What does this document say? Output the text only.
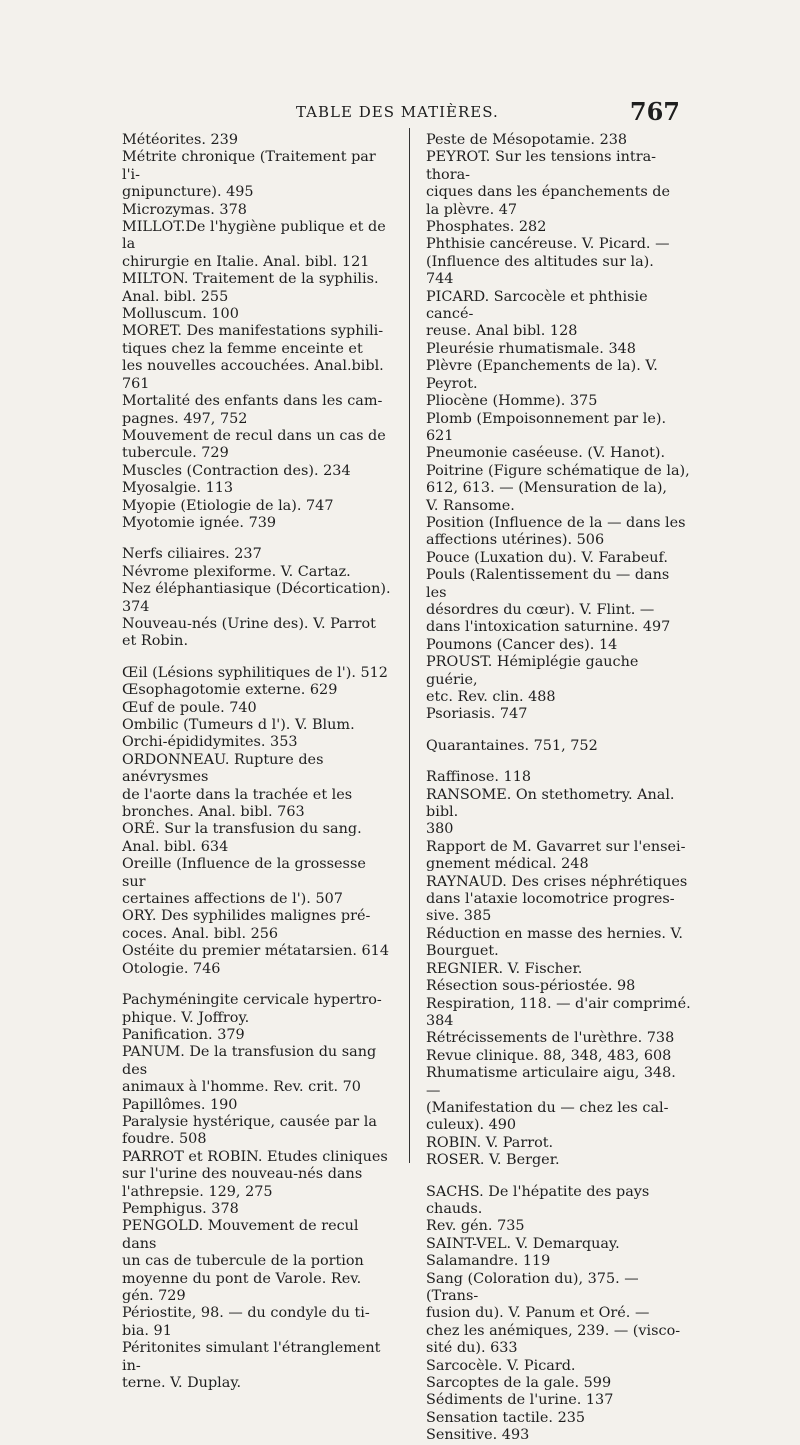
TABLE DES MATIÈRES.	767
Météorites. 239
Métrite chronique (Traitement par l'i-
gnipuncture). 495
Microzymas. 378
MILLOT.De l'hygiène publique et de la
chirurgie en Italie. Anal. bibl. 121
MILTON. Traitement de la syphilis.
Anal. bibl. 255
Molluscum. 100
MORET. Des manifestations syphili-
tiques chez la femme enceinte et
les nouvelles accouchées. Anal.bibl.
761
Mortalité des enfants dans les cam-
pagnes. 497, 752
Mouvement de recul dans un cas de
tubercule. 729
Muscles (Contraction des). 234
Myosalgie. 113
Myopie (Etiologie de la). 747
Myotomie ignée. 739
Nerfs ciliaires. 237
Névrome plexiforme. V. Cartaz.
Nez éléphantiasique (Décortication).
374
Nouveau-nés (Urine des). V. Parrot
et Robin.
Œil (Lésions syphilitiques de l'). 512
Œsophagotomie externe. 629
Œuf de poule. 740
Ombilic (Tumeurs d l'). V. Blum.
Orchi-épididymites. 353
ORDONNEAU. Rupture des anévrysmes
de l'aorte dans la trachée et les
bronches. Anal. bibl. 763
ORÉ. Sur la transfusion du sang.
Anal. bibl. 634
Oreille (Influence de la grossesse sur
certaines affections de l'). 507
ORY. Des syphilides malignes pré-
coces. Anal. bibl. 256
Ostéite du premier métatarsien. 614
Otologie. 746
Pachyméningite cervicale hypertro-
phique. V. Joffroy.
Panification. 379
PANUM. De la transfusion du sang des
animaux à l'homme. Rev. crit. 70
Papillômes. 190
Paralysie hystérique, causée par la
foudre. 508
PARROT et ROBIN. Etudes cliniques
sur l'urine des nouveau-nés dans
l'athrepsie. 129, 275
Pemphigus. 378
PENGOLD. Mouvement de recul dans
un cas de tubercule de la portion
moyenne du pont de Varole. Rev.
gén. 729
Périostite, 98. — du condyle du ti-
bia. 91
Péritonites simulant l'étranglement in-
terne. V. Duplay.
Peste de Mésopotamie. 238
PEYROT. Sur les tensions intra-thora-
ciques dans les épanchements de
la plèvre. 47
Phosphates. 282
Phthisie cancéreuse. V. Picard. —
(Influence des altitudes sur la).
744
PICARD. Sarcocèle et phthisie cancé-
reuse. Anal bibl. 128
Pleurésie rhumatismale. 348
Plèvre (Epanchements de la). V.
Peyrot.
Pliocène (Homme). 375
Plomb (Empoisonnement par le). 621
Pneumonie caséeuse. (V. Hanot).
Poitrine (Figure schématique de la),
612, 613. — (Mensuration de la),
V. Ransome.
Position (Influence de la — dans les
affections utérines). 506
Pouce (Luxation du). V. Farabeuf.
Pouls (Ralentissement du — dans les
désordres du cœur). V. Flint. —
dans l'intoxication saturnine. 497
Poumons (Cancer des). 14
PROUST. Hémiplégie gauche guérie,
etc. Rev. clin. 488
Psoriasis. 747
Quarantaines. 751, 752
Raffinose. 118
RANSOME. On stethometry. Anal. bibl.
380
Rapport de M. Gavarret sur l'ensei-
gnement médical. 248
RAYNAUD. Des crises néphrétiques
dans l'ataxie locomotrice progres-
sive. 385
Réduction en masse des hernies. V.
Bourguet.
REGNIER. V. Fischer.
Résection sous-périostée. 98
Respiration, 118. — d'air comprimé. 384
Rétrécissements de l'urèthre. 738
Revue clinique. 88, 348, 483, 608
Rhumatisme articulaire aigu, 348. —
(Manifestation du — chez les cal-
culeux). 490
ROBIN. V. Parrot.
ROSER. V. Berger.
SACHS. De l'hépatite des pays chauds.
Rev. gén. 735
SAINT-VEL. V. Demarquay.
Salamandre. 119
Sang (Coloration du), 375. — (Trans-
fusion du). V. Panum et Oré. —
chez les anémiques, 239. — (visco-
sité du). 633
Sarcocèle. V. Picard.
Sarcoptes de la gale. 599
Sédiments de l'urine. 137
Sensation tactile. 235
Sensitive. 493
